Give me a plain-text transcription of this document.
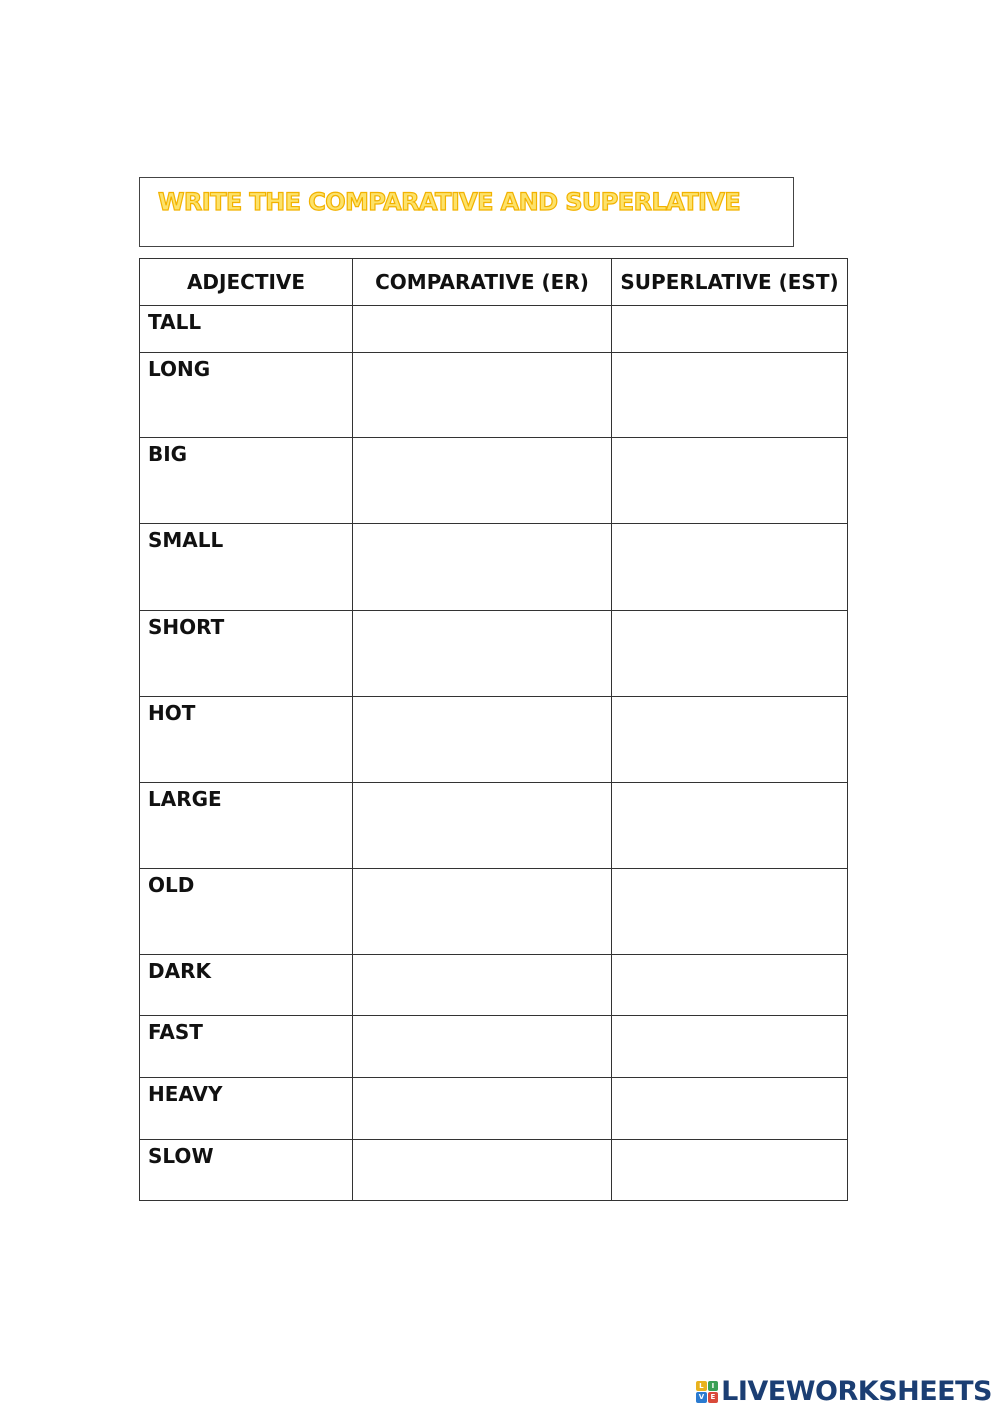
WRITE THE COMPARATIVE AND SUPERLATIVE
ADJECTIVE	COMPARATIVE (ER)	SUPERLATIVE (EST)
TALL		
LONG		
BIG		
SMALL		
SHORT		
HOT		
LARGE		
OLD		
DARK		
FAST		
HEAVY		
SLOW		
L	I
V E LIVEWORKSHEETS
